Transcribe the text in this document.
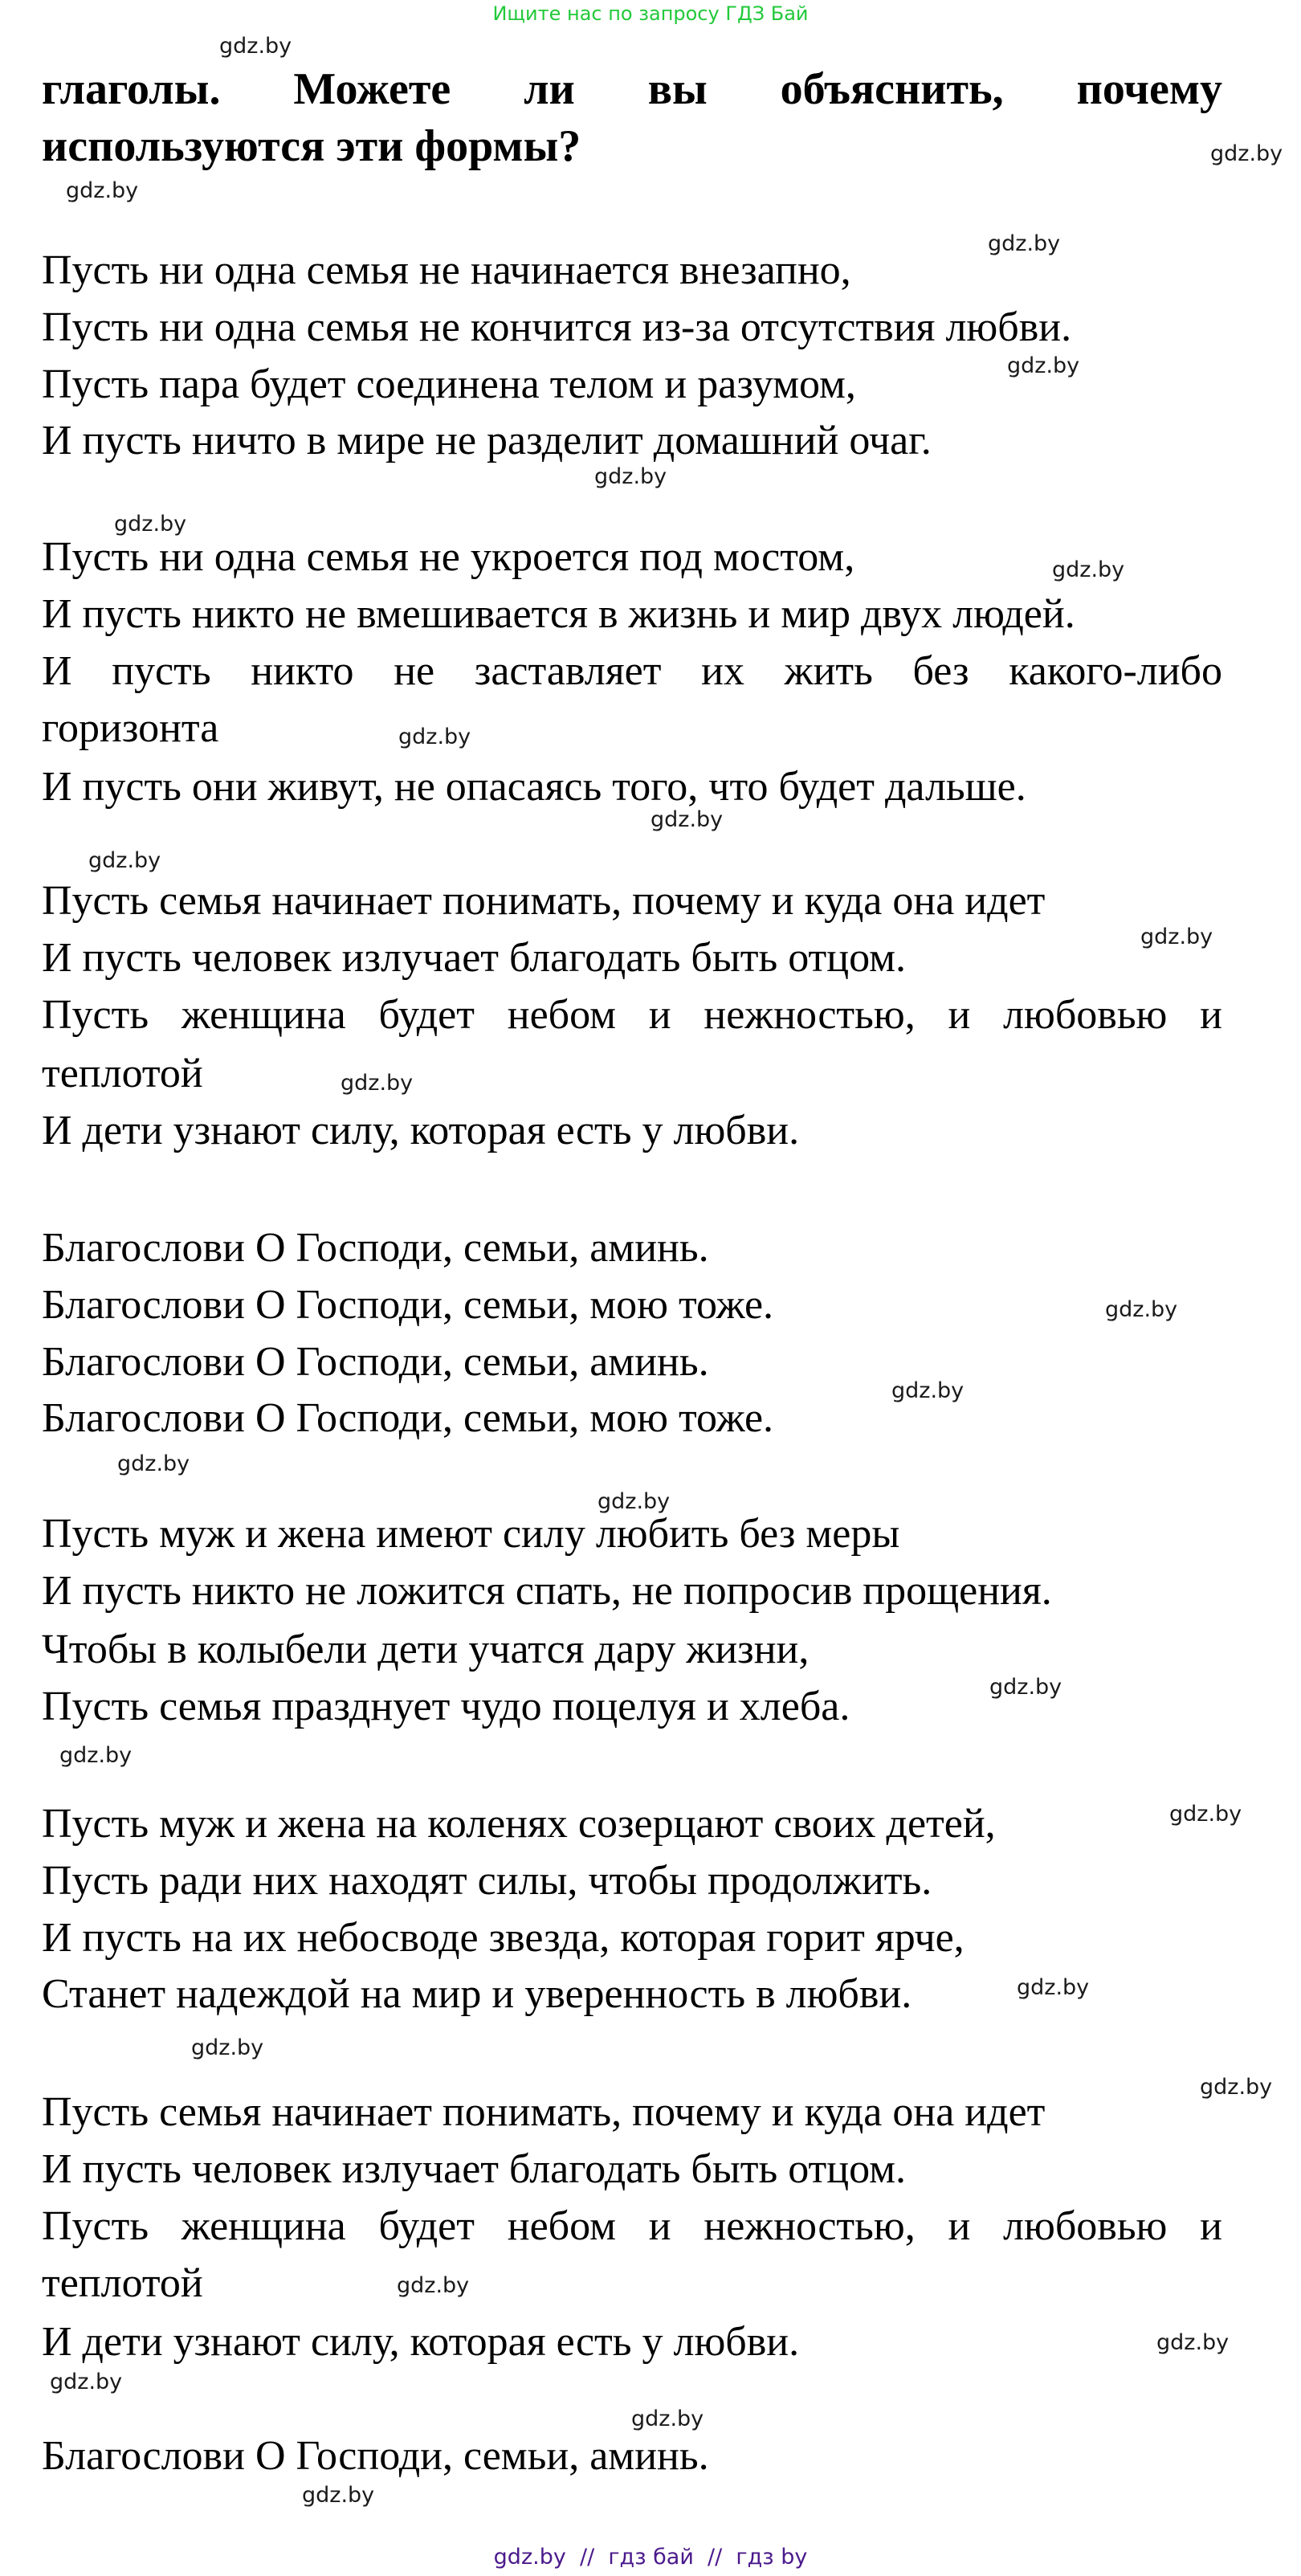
Ищите нас по запросу ГДЗ Бай
глаголы. Можете ли вы объяснить, почему
используются эти формы?
Пусть ни одна семья не начинается внезапно,
Пусть ни одна семья не кончится из-за отсутствия любви.
Пусть пара будет соединена телом и разумом,
И пусть ничто в мире не разделит домашний очаг.
Пусть ни одна семья не укроется под мостом,
И пусть никто не вмешивается в жизнь и мир двух людей.
И пусть никто не заставляет их жить без какого-либо
горизонта
И пусть они живут, не опасаясь того, что будет дальше.
Пусть семья начинает понимать, почему и куда она идет
И пусть человек излучает благодать быть отцом.
Пусть женщина будет небом и нежностью, и любовью и
теплотой
И дети узнают силу, которая есть у любви.
Благослови О Господи, семьи, аминь.
Благослови О Господи, семьи, мою тоже.
Благослови О Господи, семьи, аминь.
Благослови О Господи, семьи, мою тоже.
Пусть муж и жена имеют силу любить без меры
И пусть никто не ложится спать, не попросив прощения.
Чтобы в колыбели дети учатся дару жизни,
Пусть семья празднует чудо поцелуя и хлеба.
Пусть муж и жена на коленях созерцают своих детей,
Пусть ради них находят силы, чтобы продолжить.
И пусть на их небосводе звезда, которая горит ярче,
Станет надеждой на мир и уверенность в любви.
Пусть семья начинает понимать, почему и куда она идет
И пусть человек излучает благодать быть отцом.
Пусть женщина будет небом и нежностью, и любовью и
теплотой
И дети узнают силу, которая есть у любви.
Благослови О Господи, семьи, аминь.
gdz.by
gdz.by
gdz.by
gdz.by
gdz.by
gdz.by
gdz.by
gdz.by
gdz.by
gdz.by
gdz.by
gdz.by
gdz.by
gdz.by
gdz.by
gdz.by
gdz.by
gdz.by
gdz.by
gdz.by
gdz.by
gdz.by
gdz.by
gdz.by
gdz.by
gdz.by
gdz.by
gdz.by
gdz.by  //  гдз бай  //  гдз by
